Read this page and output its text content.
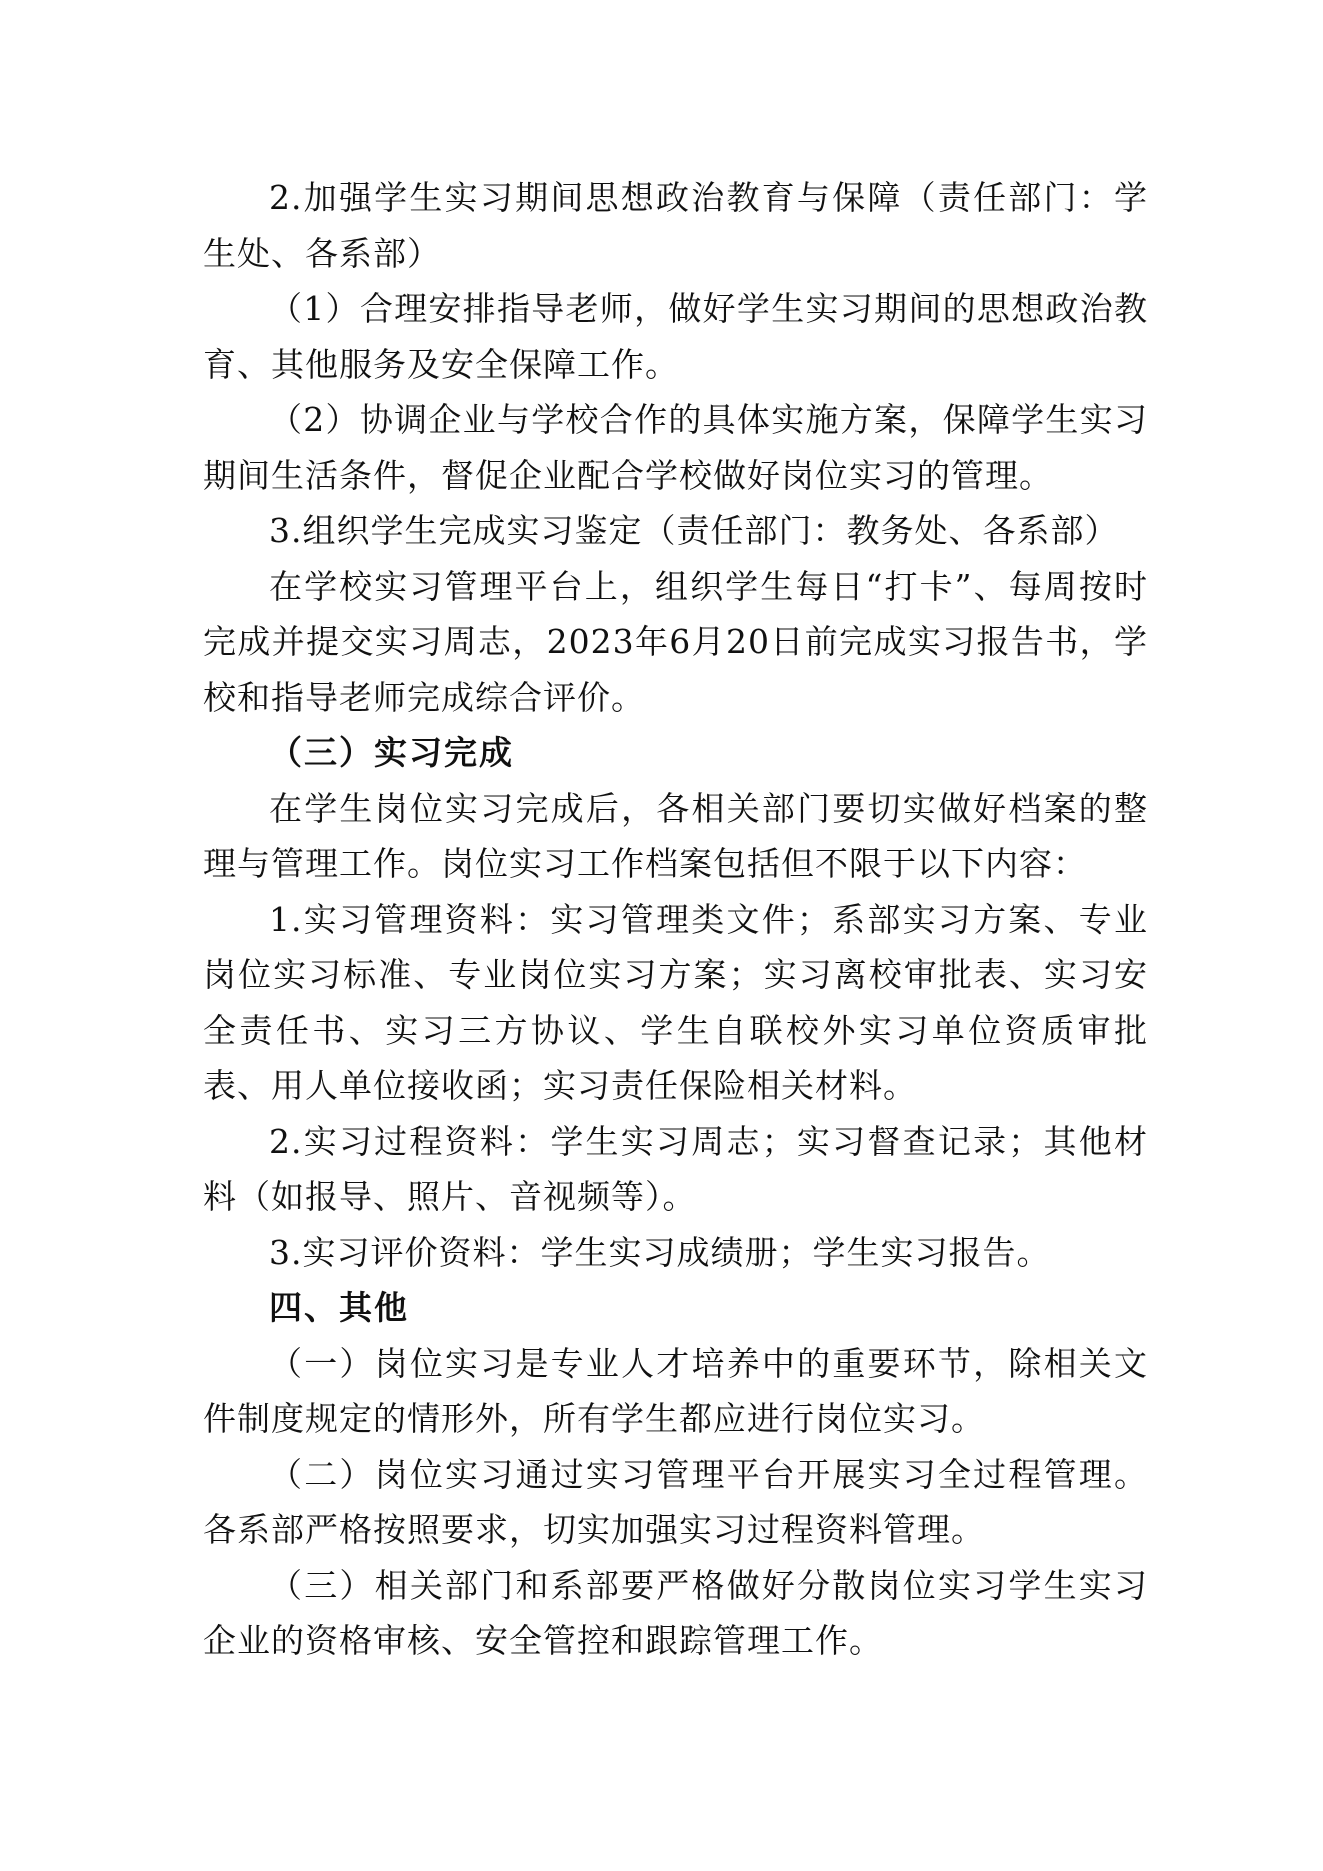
2.加强学生实习期间思想政治教育与保障（责任部门：学生处、各系部）

（1）合理安排指导老师，做好学生实习期间的思想政治教育、其他服务及安全保障工作。

（2）协调企业与学校合作的具体实施方案，保障学生实习期间生活条件，督促企业配合学校做好岗位实习的管理。

3.组织学生完成实习鉴定（责任部门：教务处、各系部）

在学校实习管理平台上，组织学生每日“打卡”、每周按时完成并提交实习周志，2023年6月20日前完成实习报告书，学校和指导老师完成综合评价。

（三）实习完成

在学生岗位实习完成后，各相关部门要切实做好档案的整理与管理工作。岗位实习工作档案包括但不限于以下内容：

1.实习管理资料：实习管理类文件；系部实习方案、专业岗位实习标准、专业岗位实习方案；实习离校审批表、实习安全责任书、实习三方协议、学生自联校外实习单位资质审批表、用人单位接收函；实习责任保险相关材料。

2.实习过程资料：学生实习周志；实习督查记录；其他材料（如报导、照片、音视频等）。

3.实习评价资料：学生实习成绩册；学生实习报告。

四、其他

（一）岗位实习是专业人才培养中的重要环节，除相关文件制度规定的情形外，所有学生都应进行岗位实习。

（二）岗位实习通过实习管理平台开展实习全过程管理。各系部严格按照要求，切实加强实习过程资料管理。

（三）相关部门和系部要严格做好分散岗位实习学生实习企业的资格审核、安全管控和跟踪管理工作。
